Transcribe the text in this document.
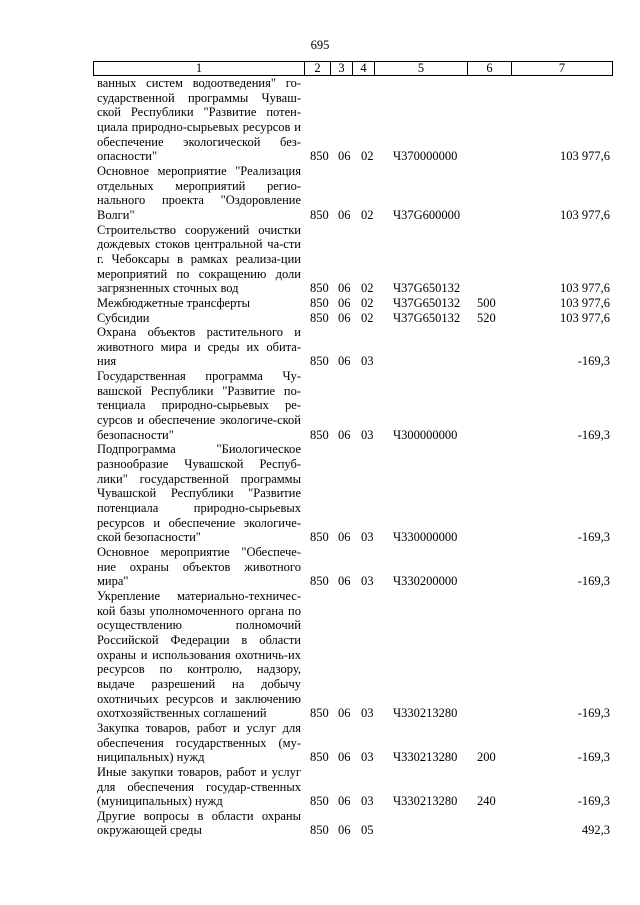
695
1	2	3	4	5	6	7
ванных систем водоотведения" го-сударственной программы Чуваш-ской Республики "Развитие потен-циала природно-сырьевых ресурсов и обеспечение экологической без-опасности"	850 06 02 Ч370000000	103 977,6
Основное мероприятие "Реализация отдельных мероприятий регио-нального проекта "Оздоровление Волги"	850 06 02 Ч37G600000	103 977,6
Строительство сооружений очистки дождевых стоков центральной ча-сти г. Чебоксары в рамках реализа-ции мероприятий по сокращению доли загрязненных сточных вод	850 06 02 Ч37G650132	103 977,6
Межбюджетные трансферты	850 06 02 Ч37G650132 500	103 977,6
Субсидии	850 06 02 Ч37G650132 520	103 977,6
Охрана объектов растительного и животного мира и среды их обита-ния	850 06 03	-169,3
Государственная программа Чу-вашской Республики "Развитие по-тенциала природно-сырьевых ре-сурсов и обеспечение экологиче-ской безопасности"	850 06 03 Ч300000000	-169,3
Подпрограмма "Биологическое разнообразие Чувашской Респуб-лики" государственной программы Чувашской Республики "Развитие потенциала природно-сырьевых ресурсов и обеспечение экологиче-ской безопасности"	850 06 03 Ч330000000	-169,3
Основное мероприятие "Обеспече-ние охраны объектов животного мира"	850 06 03 Ч330200000	-169,3
Укрепление материально-техничес-кой базы уполномоченного органа по осуществлению полномочий Российской Федерации в области охраны и использования охотничь-их ресурсов по контролю, надзору, выдаче разрешений на добычу охотничьих ресурсов и заключению охотхозяйственных соглашений	850 06 03 Ч330213280	-169,3
Закупка товаров, работ и услуг для обеспечения государственных (му-ниципальных) нужд	850 06 03 Ч330213280 200	-169,3
Иные закупки товаров, работ и услуг для обеспечения государ-ственных (муниципальных) нужд	850 06 03 Ч330213280 240	-169,3
Другие вопросы в области охраны окружающей среды	850 06 05	492,3
